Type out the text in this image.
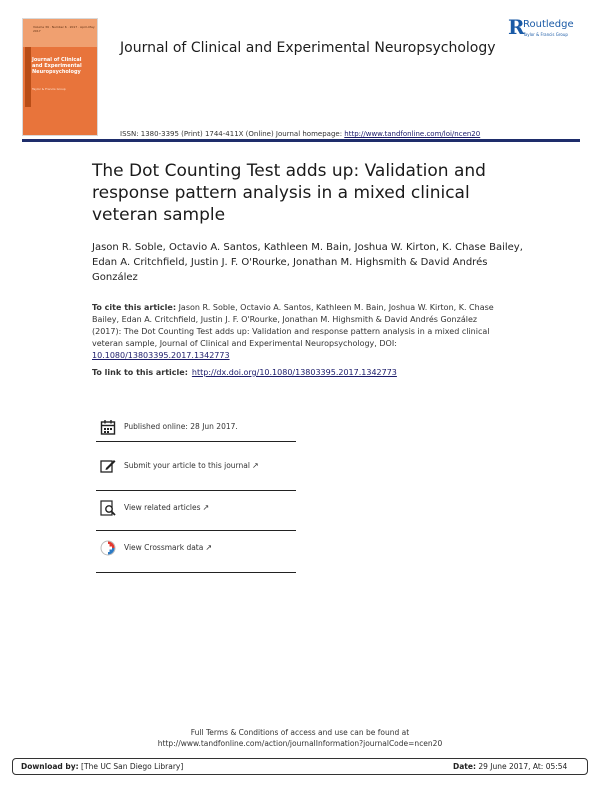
Volume 39 · Number 6 · 2017 · April–May 2017
Journal of Clinical and Experimental Neuropsychology
Taylor & Francis Group
Journal of Clinical and Experimental Neuropsychology
R
Routledge
Taylor & Francis Group
ISSN: 1380-3395 (Print) 1744-411X (Online) Journal homepage: http://www.tandfonline.com/loi/ncen20
The Dot Counting Test adds up: Validation and response pattern analysis in a mixed clinical veteran sample
Jason R. Soble, Octavio A. Santos, Kathleen M. Bain, Joshua W. Kirton, K. Chase Bailey, Edan A. Critchfield, Justin J. F. O'Rourke, Jonathan M. Highsmith & David Andrés González
To cite this article: Jason R. Soble, Octavio A. Santos, Kathleen M. Bain, Joshua W. Kirton, K. Chase Bailey, Edan A. Critchfield, Justin J. F. O'Rourke, Jonathan M. Highsmith & David Andrés González (2017): The Dot Counting Test adds up: Validation and response pattern analysis in a mixed clinical veteran sample, Journal of Clinical and Experimental Neuropsychology, DOI: 10.1080/13803395.2017.1342773
To link to this article: http://dx.doi.org/10.1080/13803395.2017.1342773
Published online: 28 Jun 2017.
Submit your article to this journal ↗
View related articles ↗
View Crossmark data ↗
Full Terms & Conditions of access and use can be found at
http://www.tandfonline.com/action/journalInformation?journalCode=ncen20
Download by: [The UC San Diego Library]	Date: 29 June 2017, At: 05:54
